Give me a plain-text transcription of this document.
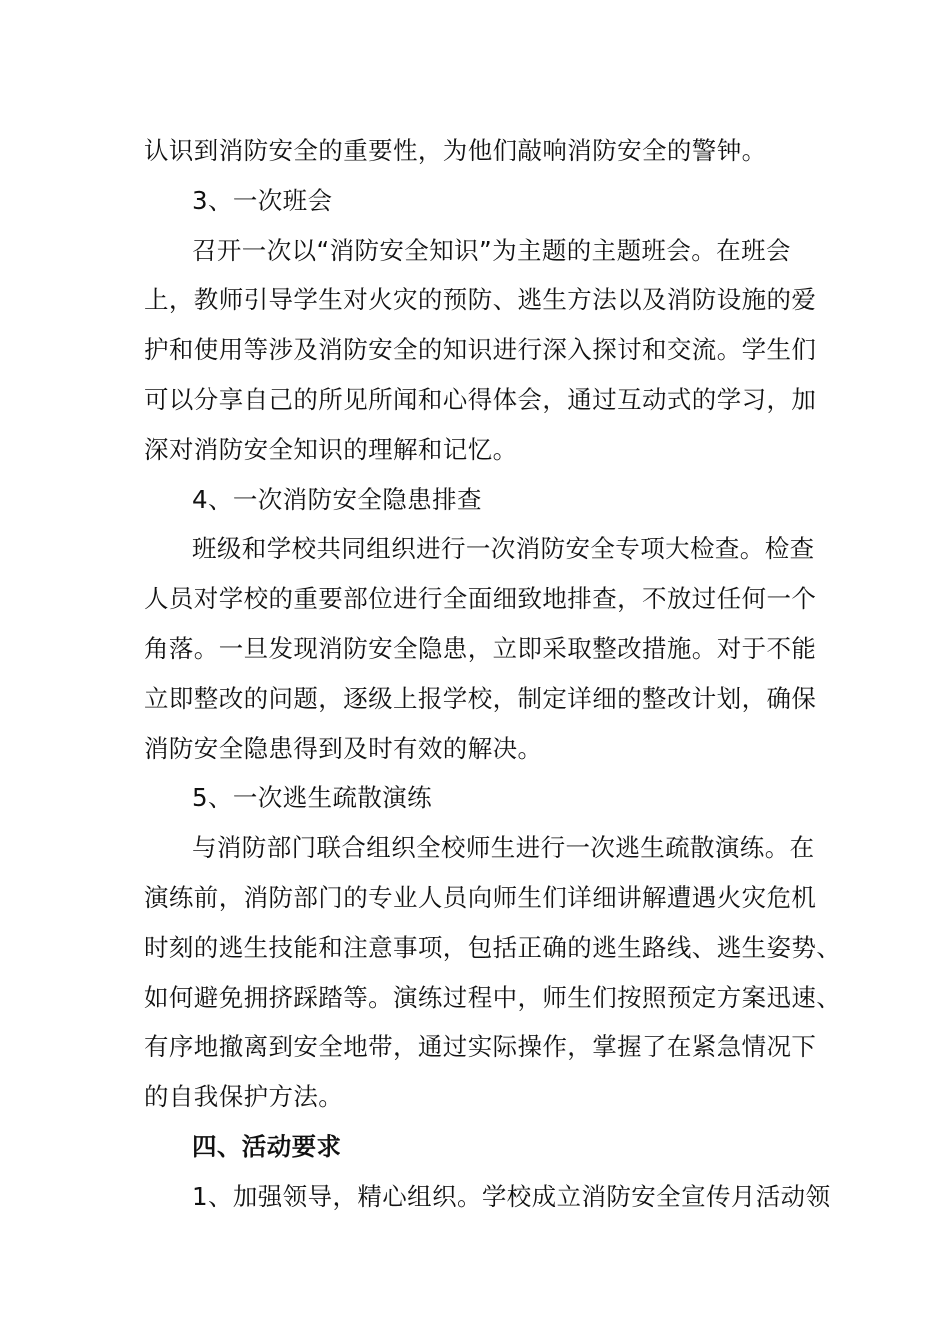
认识到消防安全的重要性，为他们敲响消防安全的警钟。
3、一次班会
召开一次以“消防安全知识”为主题的主题班会。在班会
上，教师引导学生对火灾的预防、逃生方法以及消防设施的爱
护和使用等涉及消防安全的知识进行深入探讨和交流。学生们
可以分享自己的所见所闻和心得体会，通过互动式的学习，加
深对消防安全知识的理解和记忆。
4、一次消防安全隐患排查
班级和学校共同组织进行一次消防安全专项大检查。检查
人员对学校的重要部位进行全面细致地排查，不放过任何一个
角落。一旦发现消防安全隐患，立即采取整改措施。对于不能
立即整改的问题，逐级上报学校，制定详细的整改计划，确保
消防安全隐患得到及时有效的解决。
5、一次逃生疏散演练
与消防部门联合组织全校师生进行一次逃生疏散演练。在
演练前，消防部门的专业人员向师生们详细讲解遭遇火灾危机
时刻的逃生技能和注意事项，包括正确的逃生路线、逃生姿势、
如何避免拥挤踩踏等。演练过程中，师生们按照预定方案迅速、
有序地撤离到安全地带，通过实际操作，掌握了在紧急情况下
的自我保护方法。
四、活动要求
1、加强领导，精心组织。学校成立消防安全宣传月活动领
